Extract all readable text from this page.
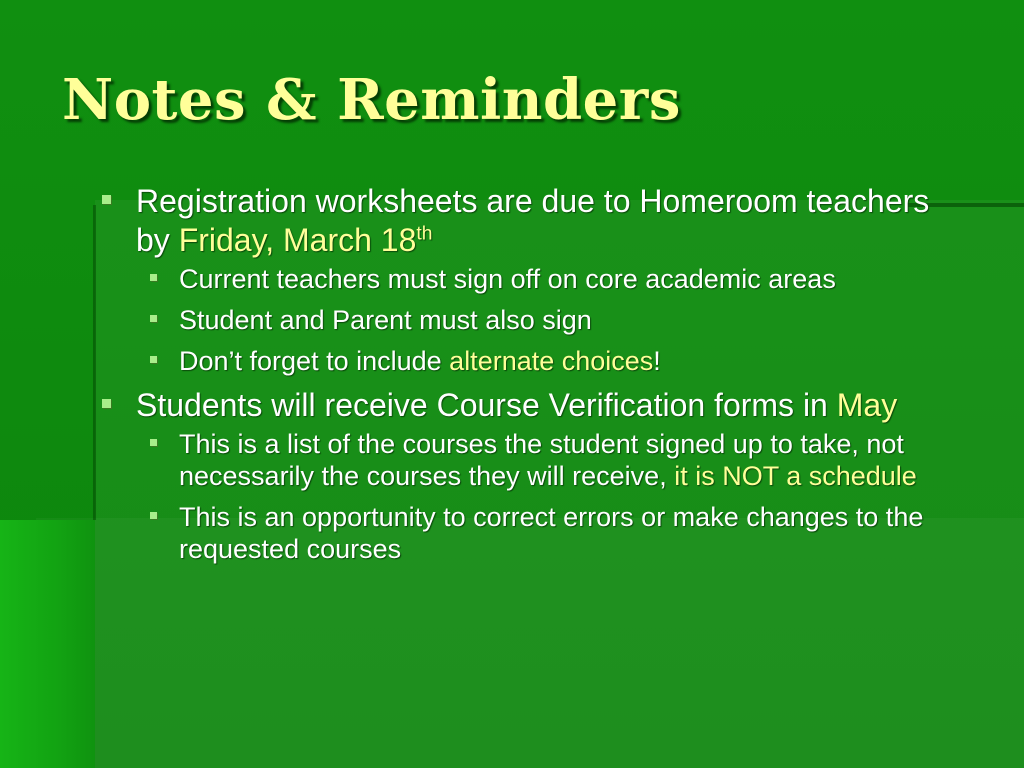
Notes & Reminders
Registration worksheets are due to Homeroom teachers by Friday, March 18th
Current teachers must sign off on core academic areas
Student and Parent must also sign
Don’t forget to include alternate choices!
Students will receive Course Verification forms in May
This is a list of the courses the student signed up to take, not necessarily the courses they will receive, it is NOT a schedule
This is an opportunity to correct errors or make changes to the requested courses
